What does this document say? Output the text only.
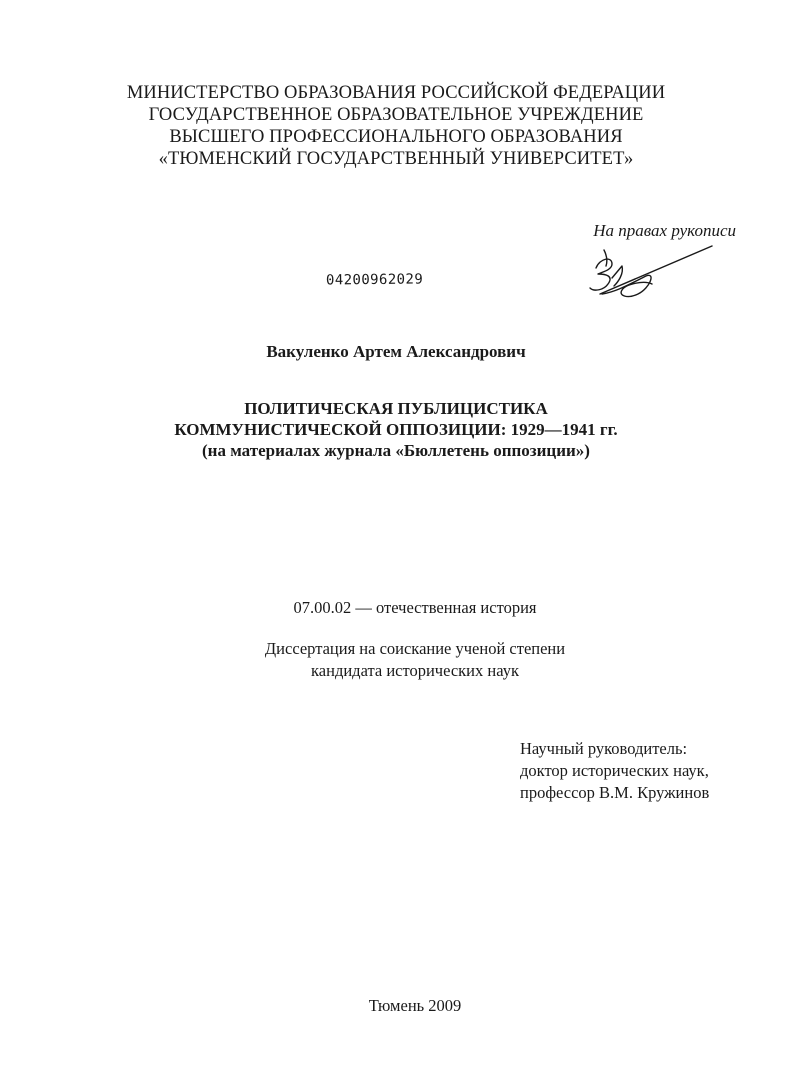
МИНИСТЕРСТВО ОБРАЗОВАНИЯ РОССИЙСКОЙ ФЕДЕРАЦИИ
ГОСУДАРСТВЕННОЕ ОБРАЗОВАТЕЛЬНОЕ УЧРЕЖДЕНИЕ
ВЫСШЕГО ПРОФЕССИОНАЛЬНОГО ОБРАЗОВАНИЯ
«ТЮМЕНСКИЙ ГОСУДАРСТВЕННЫЙ УНИВЕРСИТЕТ»
На правах рукописи
04200962029
Вакуленко Артем Александрович
ПОЛИТИЧЕСКАЯ ПУБЛИЦИСТИКА
КОММУНИСТИЧЕСКОЙ ОППОЗИЦИИ: 1929—1941 гг.
(на материалах журнала «Бюллетень оппозиции»)
07.00.02 — отечественная история
Диссертация на соискание ученой степени
кандидата исторических наук
Научный руководитель:
доктор исторических наук,
профессор В.М. Кружинов
Тюмень 2009
